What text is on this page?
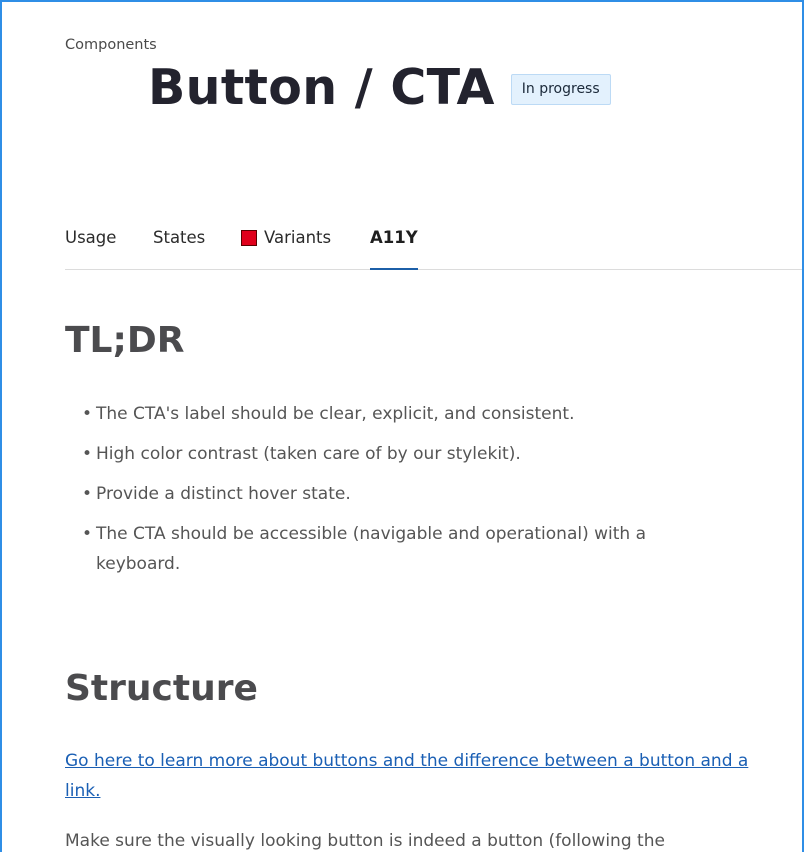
Components
Button / CTA	In progress
Usage States	Variants A11Y
TL;DR
• The CTA's label should be clear, explicit, and consistent.
• High color contrast (taken care of by our stylekit).
• Provide a distinct hover state.
• The CTA should be accessible (navigable and operational) with a keyboard.
Structure
Go here to learn more about buttons and the difference between a button and a link.

Make sure the visually looking button is indeed a button (following the
